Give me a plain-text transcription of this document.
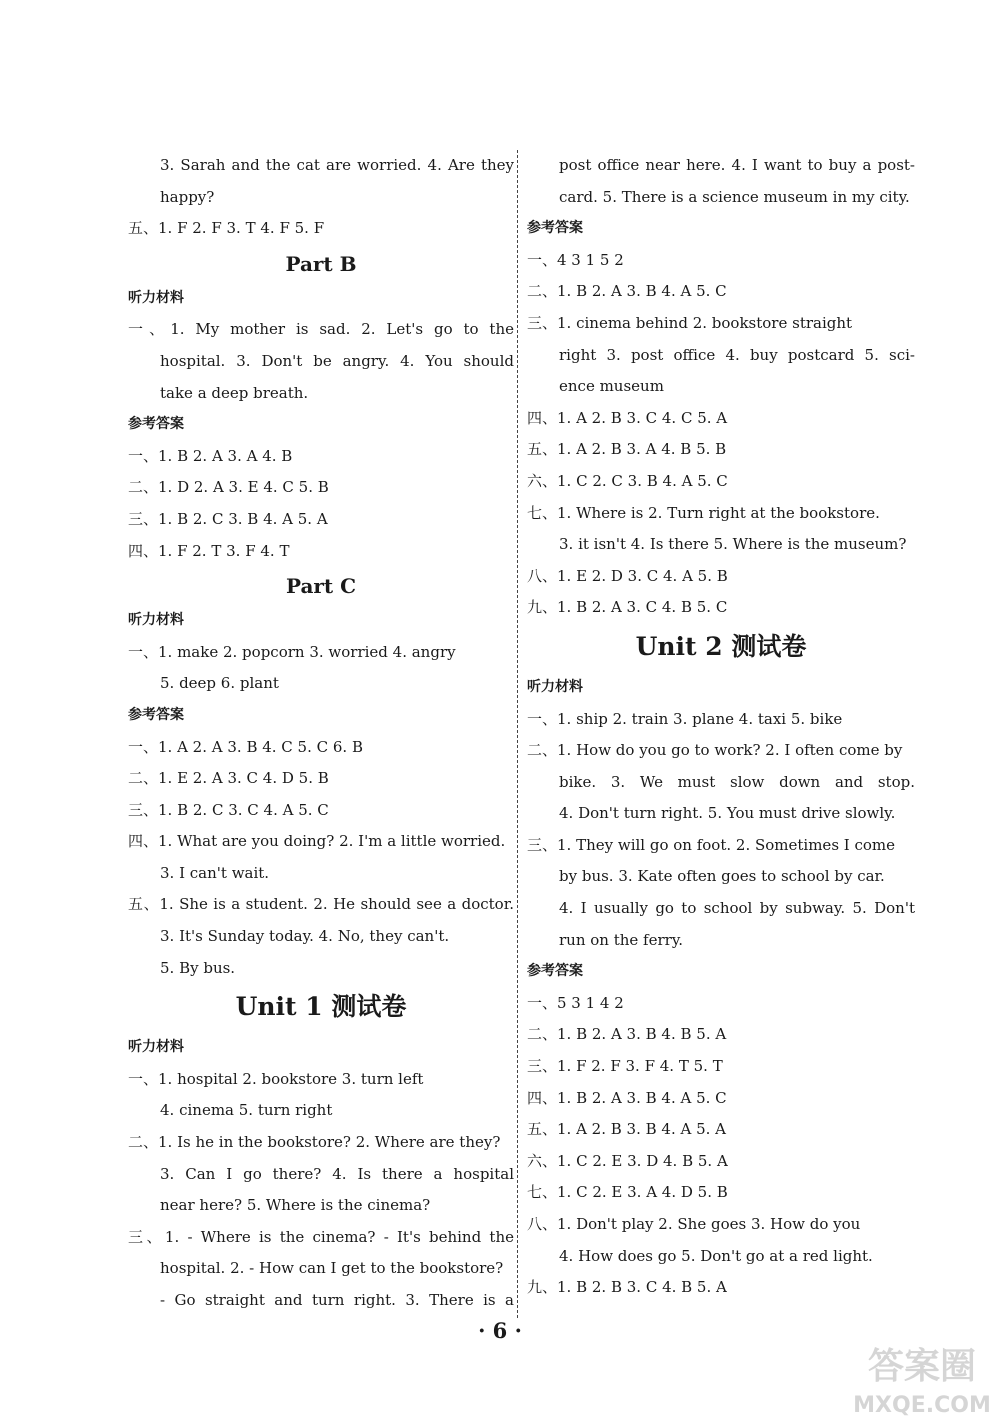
3. Sarah and the cat are worried. 4. Are they
happy?
五、1. F 2. F 3. T 4. F 5. F
Part B
听力材料
一、1. My mother is sad. 2. Let's go to the
hospital. 3. Don't be angry. 4. You should
take a deep breath.
参考答案
一、1. B 2. A 3. A 4. B
二、1. D 2. A 3. E 4. C 5. B
三、1. B 2. C 3. B 4. A 5. A
四、1. F 2. T 3. F 4. T
Part C
听力材料
一、1. make 2. popcorn 3. worried 4. angry
5. deep 6. plant
参考答案
一、1. A 2. A 3. B 4. C 5. C 6. B
二、1. E 2. A 3. C 4. D 5. B
三、1. B 2. C 3. C 4. A 5. C
四、1. What are you doing? 2. I'm a little worried.
3. I can't wait.
五、1. She is a student. 2. He should see a doctor.
3. It's Sunday today. 4. No, they can't.
5. By bus.
Unit 1 测试卷
听力材料
一、1. hospital 2. bookstore 3. turn left
4. cinema 5. turn right
二、1. Is he in the bookstore? 2. Where are they?
3. Can I go there? 4. Is there a hospital
near here? 5. Where is the cinema?
三、1. - Where is the cinema? - It's behind the
hospital. 2. - How can I get to the bookstore?
- Go straight and turn right. 3. There is a
post office near here. 4. I want to buy a post-
card. 5. There is a science museum in my city.
参考答案
一、4 3 1 5 2
二、1. B 2. A 3. B 4. A 5. C
三、1. cinema behind 2. bookstore straight
right 3. post office 4. buy postcard 5. sci-
ence museum
四、1. A 2. B 3. C 4. C 5. A
五、1. A 2. B 3. A 4. B 5. B
六、1. C 2. C 3. B 4. A 5. C
七、1. Where is 2. Turn right at the bookstore.
3. it isn't 4. Is there 5. Where is the museum?
八、1. E 2. D 3. C 4. A 5. B
九、1. B 2. A 3. C 4. B 5. C
Unit 2 测试卷
听力材料
一、1. ship 2. train 3. plane 4. taxi 5. bike
二、1. How do you go to work? 2. I often come by
bike. 3. We must slow down and stop.
4. Don't turn right. 5. You must drive slowly.
三、1. They will go on foot. 2. Sometimes I come
by bus. 3. Kate often goes to school by car.
4. I usually go to school by subway. 5. Don't
run on the ferry.
参考答案
一、5 3 1 4 2
二、1. B 2. A 3. B 4. B 5. A
三、1. F 2. F 3. F 4. T 5. T
四、1. B 2. A 3. B 4. A 5. C
五、1. A 2. B 3. B 4. A 5. A
六、1. C 2. E 3. D 4. B 5. A
七、1. C 2. E 3. A 4. D 5. B
八、1. Don't play 2. She goes 3. How do you
4. How does go 5. Don't go at a red light.
九、1. B 2. B 3. C 4. B 5. A
· 6 ·
答案圈
MXQE.COM
